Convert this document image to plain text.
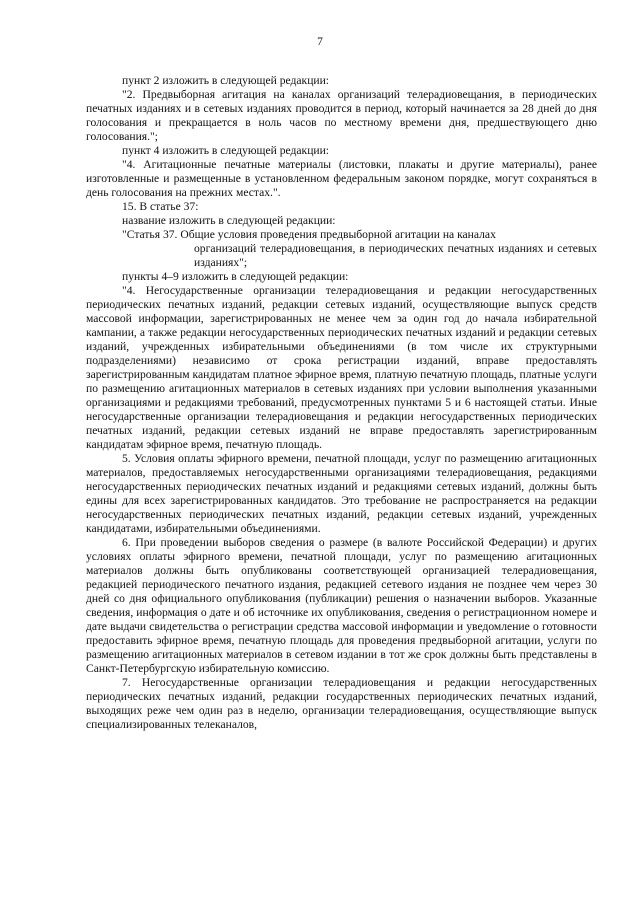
7

пункт 2 изложить в следующей редакции:

"2. Предвыборная агитация на каналах организаций телерадиовещания, в периодических печатных изданиях и в сетевых изданиях проводится в период, который начинается за 28 дней до дня голосования и прекращается в ноль часов по местному времени дня, предшествующего дню голосования.";

пункт 4 изложить в следующей редакции:

"4. Агитационные печатные материалы (листовки, плакаты и другие материалы), ранее изготовленные и размещенные в установленном федеральным законом порядке, могут сохраняться в день голосования на прежних местах.".

15. В статье 37:

название изложить в следующей редакции:

"Статья 37. Общие условия проведения предвыборной агитации на каналах
организаций телерадиовещания, в периодических печатных изданиях и сетевых изданиях";

пункты 4–9 изложить в следующей редакции:

"4. Негосударственные организации телерадиовещания и редакции негосударственных периодических печатных изданий, редакции сетевых изданий, осуществляющие выпуск средств массовой информации, зарегистрированных не менее чем за один год до начала избирательной кампании, а также редакции негосударственных периодических печатных изданий и редакции сетевых изданий, учрежденных избирательными объединениями (в том числе их структурными подразделениями) независимо от срока регистрации изданий, вправе предоставлять зарегистрированным кандидатам платное эфирное время, платную печатную площадь, платные услуги по размещению агитационных материалов в сетевых изданиях при условии выполнения указанными организациями и редакциями требований, предусмотренных пунктами 5 и 6 настоящей статьи. Иные негосударственные организации телерадиовещания и редакции негосударственных периодических печатных изданий, редакции сетевых изданий не вправе предоставлять зарегистрированным кандидатам эфирное время, печатную площадь.

5. Условия оплаты эфирного времени, печатной площади, услуг по размещению агитационных материалов, предоставляемых негосударственными организациями телерадиовещания, редакциями негосударственных периодических печатных изданий и редакциями сетевых изданий, должны быть едины для всех зарегистрированных кандидатов. Это требование не распространяется на редакции негосударственных периодических печатных изданий, редакции сетевых изданий, учрежденных кандидатами, избирательными объединениями.

6. При проведении выборов сведения о размере (в валюте Российской Федерации) и других условиях оплаты эфирного времени, печатной площади, услуг по размещению агитационных материалов должны быть опубликованы соответствующей организацией телерадиовещания, редакцией периодического печатного издания, редакцией сетевого издания не позднее чем через 30 дней со дня официального опубликования (публикации) решения о назначении выборов. Указанные сведения, информация о дате и об источнике их опубликования, сведения о регистрационном номере и дате выдачи свидетельства о регистрации средства массовой информации и уведомление о готовности предоставить эфирное время, печатную площадь для проведения предвыборной агитации, услуги по размещению агитационных материалов в сетевом издании в тот же срок должны быть представлены в Санкт-Петербургскую избирательную комиссию.

7. Негосударственные организации телерадиовещания и редакции негосударственных периодических печатных изданий, редакции государственных периодических печатных изданий, выходящих реже чем один раз в неделю, организации телерадиовещания, осуществляющие выпуск специализированных телеканалов,
